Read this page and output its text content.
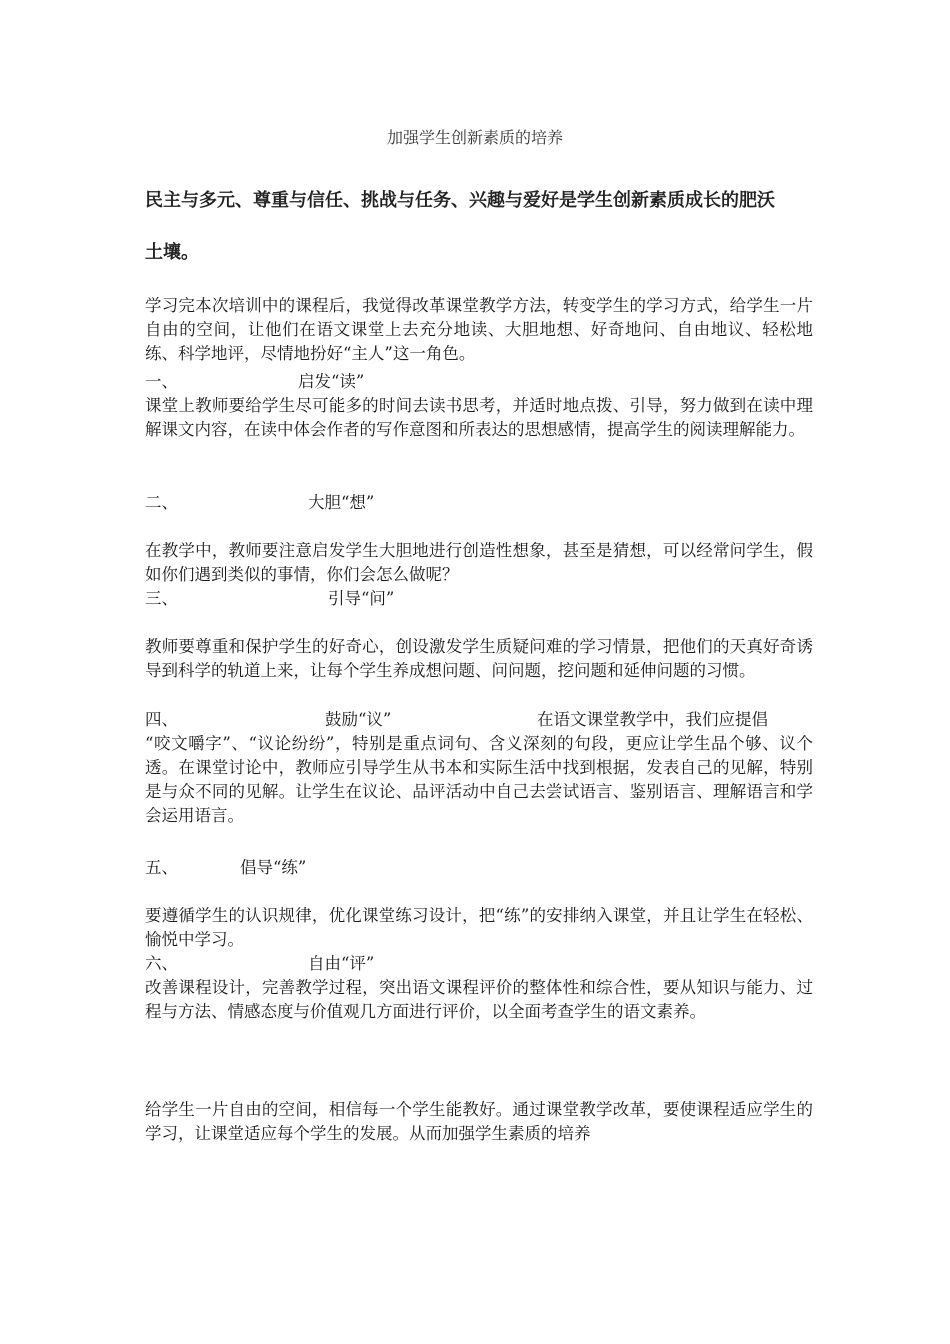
加强学生创新素质的培养
民主与多元、尊重与信任、挑战与任务、兴趣与爱好是学生创新素质成长的肥沃
土壤。
学习完本次培训中的课程后，我觉得改革课堂教学方法，转变学生的学习方式，给学生一片自由的空间，让他们在语文课堂上去充分地读、大胆地想、好奇地问、自由地议、轻松地练、科学地评，尽情地扮好“主人”这一角色。
一、	启发“读”
课堂上教师要给学生尽可能多的时间去读书思考，并适时地点拨、引导，努力做到在读中理解课文内容，在读中体会作者的写作意图和所表达的思想感情，提高学生的阅读理解能力。
二、	大胆“想”
在教学中，教师要注意启发学生大胆地进行创造性想象，甚至是猜想，可以经常问学生，假如你们遇到类似的事情，你们会怎么做呢？
三、	引导“问”
教师要尊重和保护学生的好奇心，创设激发学生质疑问难的学习情景，把他们的天真好奇诱导到科学的轨道上来，让每个学生养成想问题、问问题，挖问题和延伸问题的习惯。
四、	鼓励“议”	在语文课堂教学中，我们应提倡
“咬文嚼字”、“议论纷纷”，特别是重点词句、含义深刻的句段，更应让学生品个够、议个透。在课堂讨论中，教师应引导学生从书本和实际生活中找到根据，发表自己的见解，特别是与众不同的见解。让学生在议论、品评活动中自己去尝试语言、鉴别语言、理解语言和学会运用语言。
五、	倡导“练”
要遵循学生的认识规律，优化课堂练习设计，把“练”的安排纳入课堂，并且让学生在轻松、愉悦中学习。
六、	自由“评”
改善课程设计，完善教学过程，突出语文课程评价的整体性和综合性，要从知识与能力、过程与方法、情感态度与价值观几方面进行评价，以全面考查学生的语文素养。
给学生一片自由的空间，相信每一个学生能教好。通过课堂教学改革，要使课程适应学生的学习，让课堂适应每个学生的发展。从而加强学生素质的培养
